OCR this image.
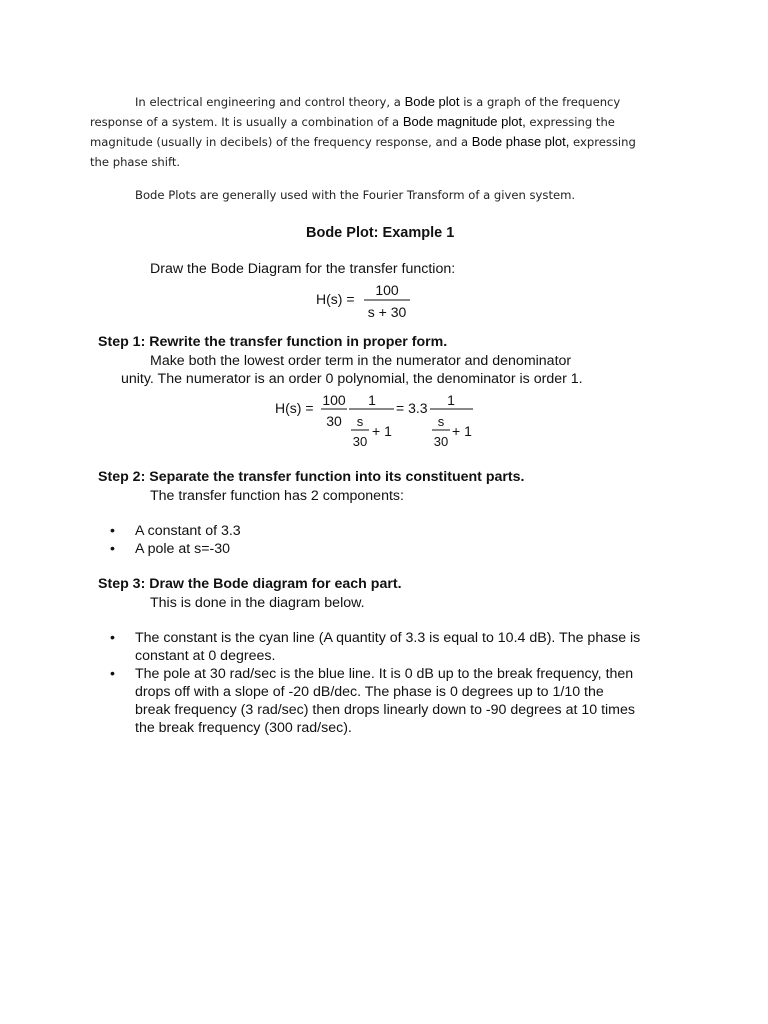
In electrical engineering and control theory, a Bode plot is a graph of the frequency
response of a system. It is usually a combination of a Bode magnitude plot, expressing the
magnitude (usually in decibels) of the frequency response, and a Bode phase plot, expressing
the phase shift.
Bode Plots are generally used with the Fourier Transform of a given system.
Bode Plot: Example 1
Draw the Bode Diagram for the transfer function:
H(s) =
100
s + 30
Step 1: Rewrite the transfer function in proper form.
Make both the lowest order term in the numerator and denominator
unity. The numerator is an order 0 polynomial, the denominator is order 1.
H(s) = 100
30
1
s
30
+ 1
= 3.3 1
s
30
+ 1
Step 2: Separate the transfer function into its constituent parts.
The transfer function has 2 components:
• A constant of 3.3
• A pole at s=-30
Step 3: Draw the Bode diagram for each part.
This is done in the diagram below.
• The constant is the cyan line (A quantity of 3.3 is equal to 10.4 dB). The phase is
constant at 0 degrees.
• The pole at 30 rad/sec is the blue line. It is 0 dB up to the break frequency, then
drops off with a slope of -20 dB/dec. The phase is 0 degrees up to 1/10 the
break frequency (3 rad/sec) then drops linearly down to -90 degrees at 10 times
the break frequency (300 rad/sec).
